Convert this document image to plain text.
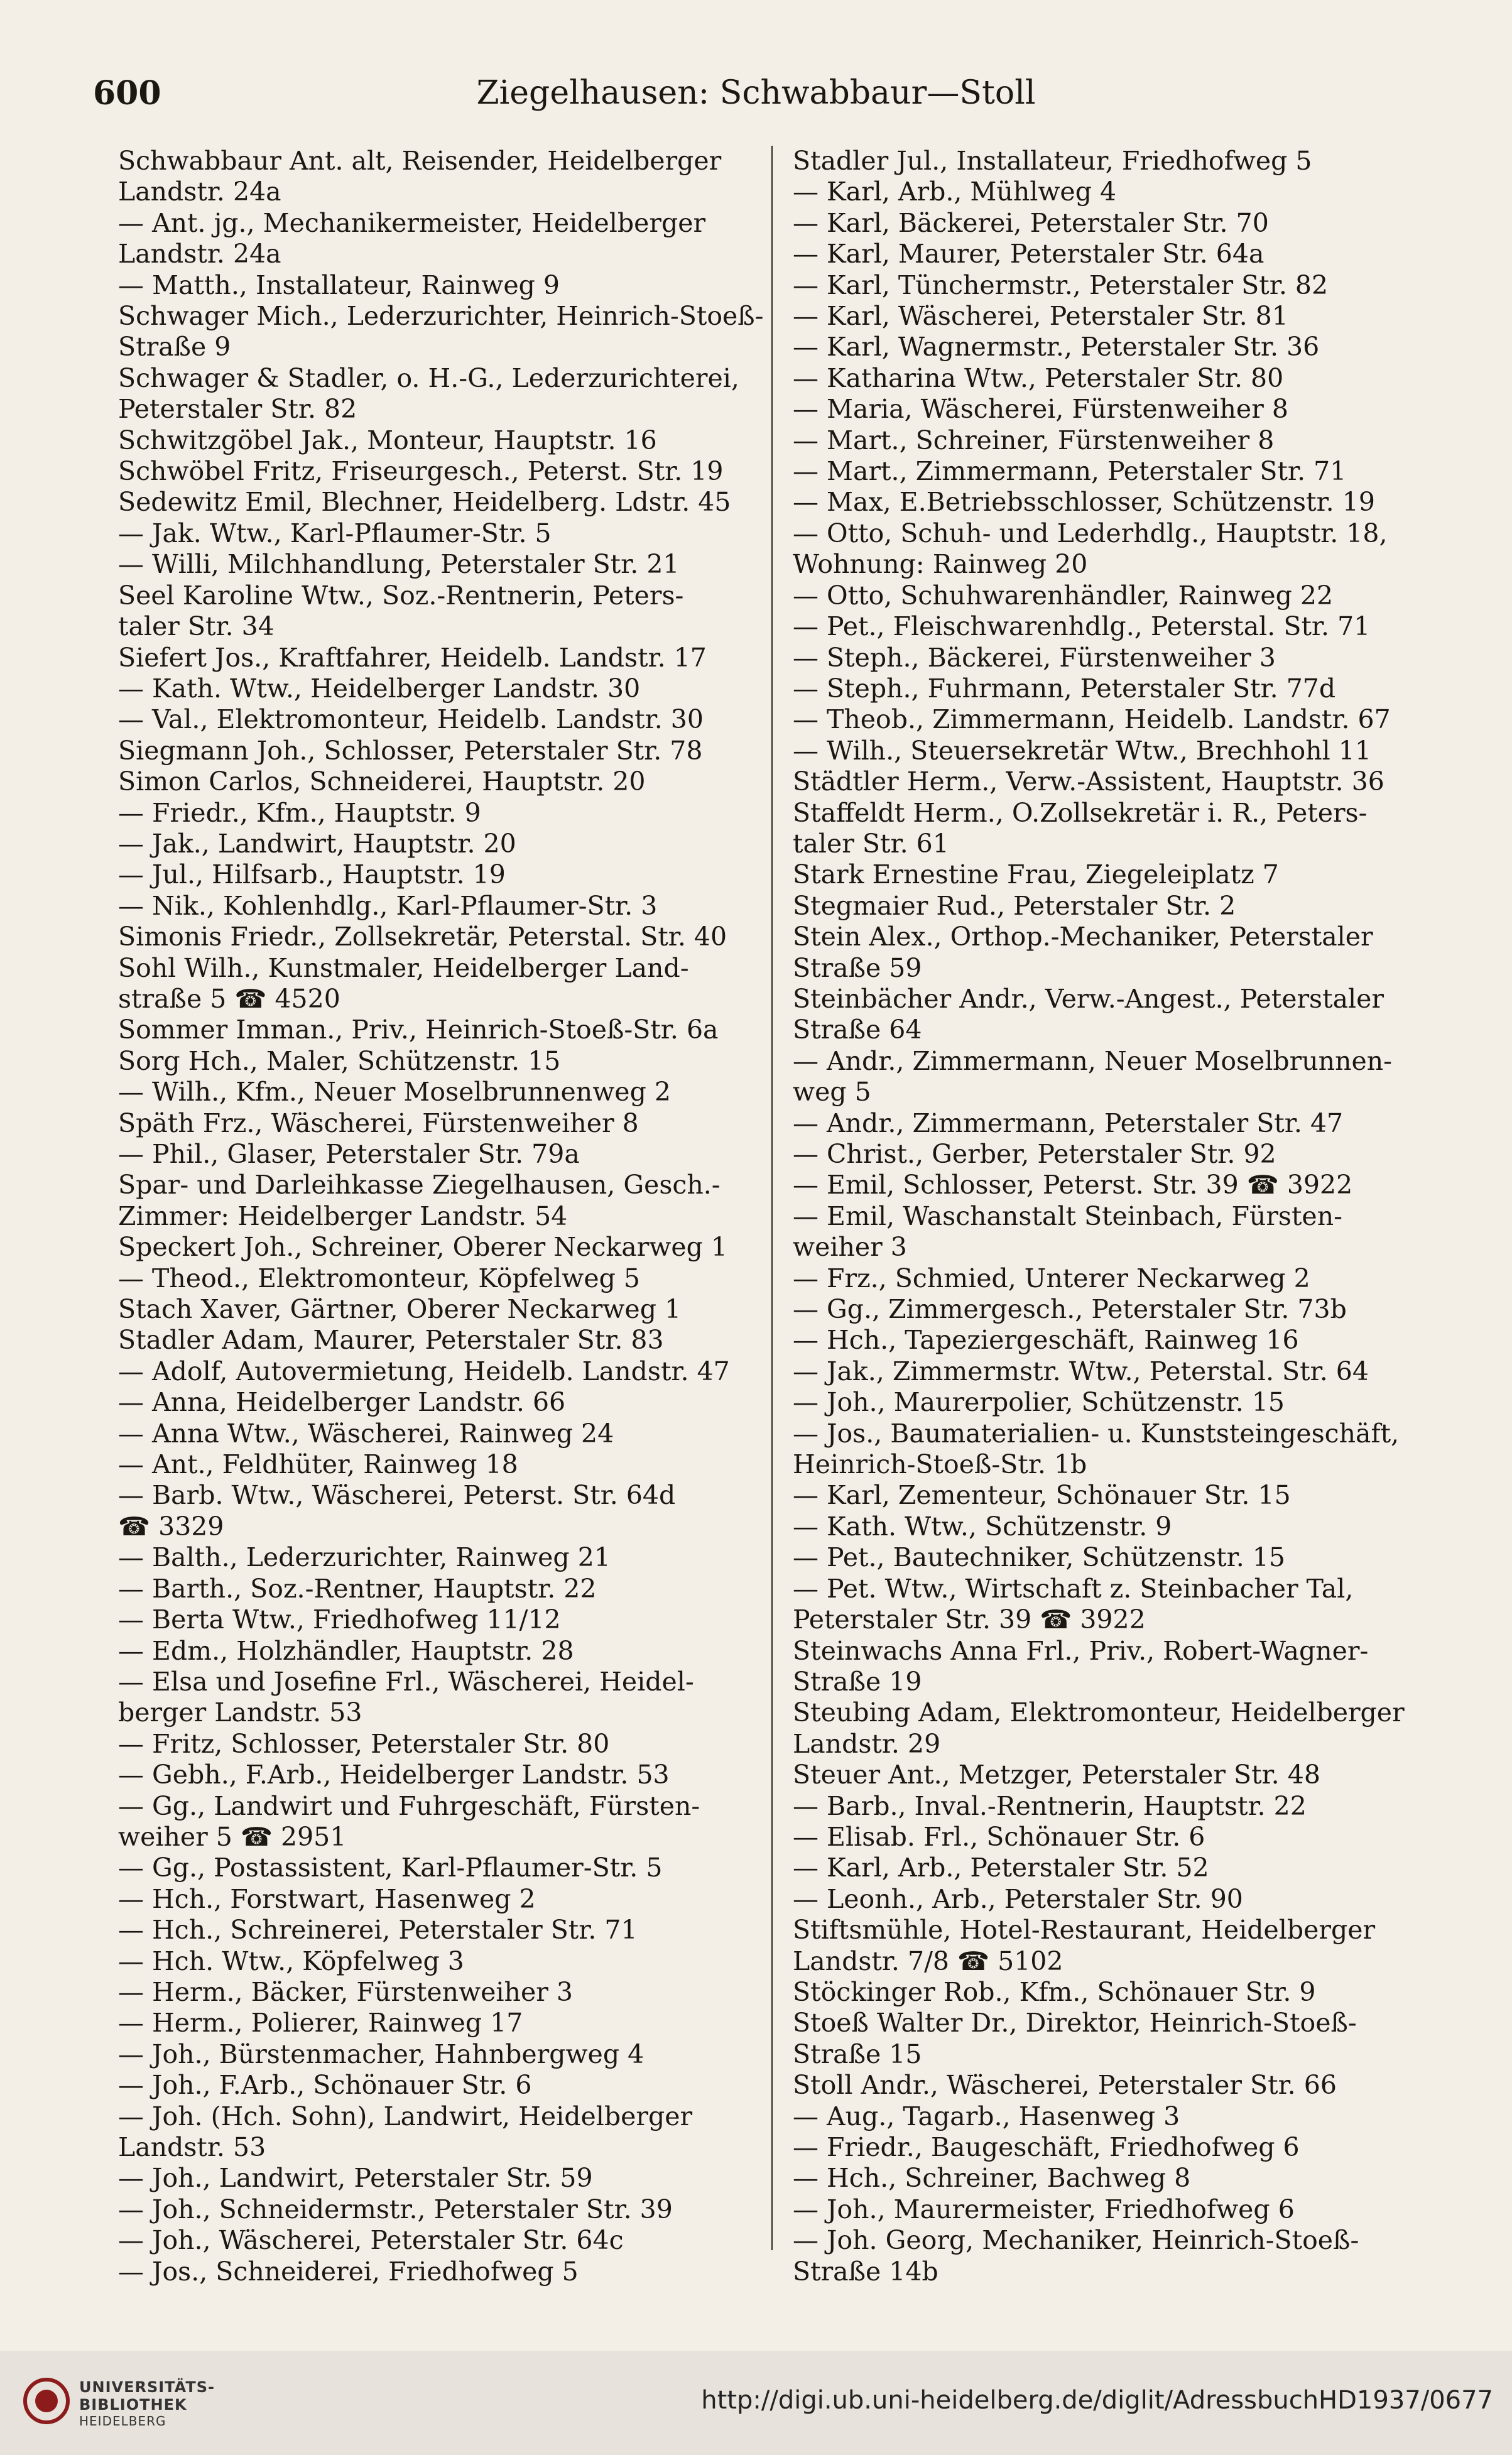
600	Ziegelhausen: Schwabbaur—Stoll
Schwabbaur Ant. alt, Reisender, Heidelberger
Landstr. 24a
— Ant. jg., Mechanikermeister, Heidelberger
Landstr. 24a
— Matth., Installateur, Rainweg 9
Schwager Mich., Lederzurichter, Heinrich-Stoeß-
Straße 9
Schwager & Stadler, o. H.-G., Lederzurichterei,
Peterstaler Str. 82
Schwitzgöbel Jak., Monteur, Hauptstr. 16
Schwöbel Fritz, Friseurgesch., Peterst. Str. 19
Sedewitz Emil, Blechner, Heidelberg. Ldstr. 45
— Jak. Wtw., Karl-Pflaumer-Str. 5
— Willi, Milchhandlung, Peterstaler Str. 21
Seel Karoline Wtw., Soz.-Rentnerin, Peters-
taler Str. 34
Siefert Jos., Kraftfahrer, Heidelb. Landstr. 17
— Kath. Wtw., Heidelberger Landstr. 30
— Val., Elektromonteur, Heidelb. Landstr. 30
Siegmann Joh., Schlosser, Peterstaler Str. 78
Simon Carlos, Schneiderei, Hauptstr. 20
— Friedr., Kfm., Hauptstr. 9
— Jak., Landwirt, Hauptstr. 20
— Jul., Hilfsarb., Hauptstr. 19
— Nik., Kohlenhdlg., Karl-Pflaumer-Str. 3
Simonis Friedr., Zollsekretär, Peterstal. Str. 40
Sohl Wilh., Kunstmaler, Heidelberger Land-
straße 5 ☎ 4520
Sommer Imman., Priv., Heinrich-Stoeß-Str. 6a
Sorg Hch., Maler, Schützenstr. 15
— Wilh., Kfm., Neuer Moselbrunnenweg 2
Späth Frz., Wäscherei, Fürstenweiher 8
— Phil., Glaser, Peterstaler Str. 79a
Spar- und Darleihkasse Ziegelhausen, Gesch.-
Zimmer: Heidelberger Landstr. 54
Speckert Joh., Schreiner, Oberer Neckarweg 1
— Theod., Elektromonteur, Köpfelweg 5
Stach Xaver, Gärtner, Oberer Neckarweg 1
Stadler Adam, Maurer, Peterstaler Str. 83
— Adolf, Autovermietung, Heidelb. Landstr. 47
— Anna, Heidelberger Landstr. 66
— Anna Wtw., Wäscherei, Rainweg 24
— Ant., Feldhüter, Rainweg 18
— Barb. Wtw., Wäscherei, Peterst. Str. 64d
☎ 3329
— Balth., Lederzurichter, Rainweg 21
— Barth., Soz.-Rentner, Hauptstr. 22
— Berta Wtw., Friedhofweg 11/12
— Edm., Holzhändler, Hauptstr. 28
— Elsa und Josefine Frl., Wäscherei, Heidel-
berger Landstr. 53
— Fritz, Schlosser, Peterstaler Str. 80
— Gebh., F.Arb., Heidelberger Landstr. 53
— Gg., Landwirt und Fuhrgeschäft, Fürsten-
weiher 5 ☎ 2951
— Gg., Postassistent, Karl-Pflaumer-Str. 5
— Hch., Forstwart, Hasenweg 2
— Hch., Schreinerei, Peterstaler Str. 71
— Hch. Wtw., Köpfelweg 3
— Herm., Bäcker, Fürstenweiher 3
— Herm., Polierer, Rainweg 17
— Joh., Bürstenmacher, Hahnbergweg 4
— Joh., F.Arb., Schönauer Str. 6
— Joh. (Hch. Sohn), Landwirt, Heidelberger
Landstr. 53
— Joh., Landwirt, Peterstaler Str. 59
— Joh., Schneidermstr., Peterstaler Str. 39
— Joh., Wäscherei, Peterstaler Str. 64c
— Jos., Schneiderei, Friedhofweg 5
Stadler Jul., Installateur, Friedhofweg 5
— Karl, Arb., Mühlweg 4
— Karl, Bäckerei, Peterstaler Str. 70
— Karl, Maurer, Peterstaler Str. 64a
— Karl, Tünchermstr., Peterstaler Str. 82
— Karl, Wäscherei, Peterstaler Str. 81
— Karl, Wagnermstr., Peterstaler Str. 36
— Katharina Wtw., Peterstaler Str. 80
— Maria, Wäscherei, Fürstenweiher 8
— Mart., Schreiner, Fürstenweiher 8
— Mart., Zimmermann, Peterstaler Str. 71
— Max, E.Betriebsschlosser, Schützenstr. 19
— Otto, Schuh- und Lederhdlg., Hauptstr. 18,
Wohnung: Rainweg 20
— Otto, Schuhwarenhändler, Rainweg 22
— Pet., Fleischwarenhdlg., Peterstal. Str. 71
— Steph., Bäckerei, Fürstenweiher 3
— Steph., Fuhrmann, Peterstaler Str. 77d
— Theob., Zimmermann, Heidelb. Landstr. 67
— Wilh., Steuersekretär Wtw., Brechhohl 11
Städtler Herm., Verw.-Assistent, Hauptstr. 36
Staffeldt Herm., O.Zollsekretär i. R., Peters-
taler Str. 61
Stark Ernestine Frau, Ziegeleiplatz 7
Stegmaier Rud., Peterstaler Str. 2
Stein Alex., Orthop.-Mechaniker, Peterstaler
Straße 59
Steinbächer Andr., Verw.-Angest., Peterstaler
Straße 64
— Andr., Zimmermann, Neuer Moselbrunnen-
weg 5
— Andr., Zimmermann, Peterstaler Str. 47
— Christ., Gerber, Peterstaler Str. 92
— Emil, Schlosser, Peterst. Str. 39 ☎ 3922
— Emil, Waschanstalt Steinbach, Fürsten-
weiher 3
— Frz., Schmied, Unterer Neckarweg 2
— Gg., Zimmergesch., Peterstaler Str. 73b
— Hch., Tapeziergeschäft, Rainweg 16
— Jak., Zimmermstr. Wtw., Peterstal. Str. 64
— Joh., Maurerpolier, Schützenstr. 15
— Jos., Baumaterialien- u. Kunststeingeschäft,
Heinrich-Stoeß-Str. 1b
— Karl, Zementeur, Schönauer Str. 15
— Kath. Wtw., Schützenstr. 9
— Pet., Bautechniker, Schützenstr. 15
— Pet. Wtw., Wirtschaft z. Steinbacher Tal,
Peterstaler Str. 39 ☎ 3922
Steinwachs Anna Frl., Priv., Robert-Wagner-
Straße 19
Steubing Adam, Elektromonteur, Heidelberger
Landstr. 29
Steuer Ant., Metzger, Peterstaler Str. 48
— Barb., Inval.-Rentnerin, Hauptstr. 22
— Elisab. Frl., Schönauer Str. 6
— Karl, Arb., Peterstaler Str. 52
— Leonh., Arb., Peterstaler Str. 90
Stiftsmühle, Hotel-Restaurant, Heidelberger
Landstr. 7/8 ☎ 5102
Stöckinger Rob., Kfm., Schönauer Str. 9
Stoeß Walter Dr., Direktor, Heinrich-Stoeß-
Straße 15
Stoll Andr., Wäscherei, Peterstaler Str. 66
— Aug., Tagarb., Hasenweg 3
— Friedr., Baugeschäft, Friedhofweg 6
— Hch., Schreiner, Bachweg 8
— Joh., Maurermeister, Friedhofweg 6
— Joh. Georg, Mechaniker, Heinrich-Stoeß-
Straße 14b
UNIVERSITÄTS-
BIBLIOTHEK
HEIDELBERG
http://digi.ub.uni-heidelberg.de/diglit/AdressbuchHD1937/0677
